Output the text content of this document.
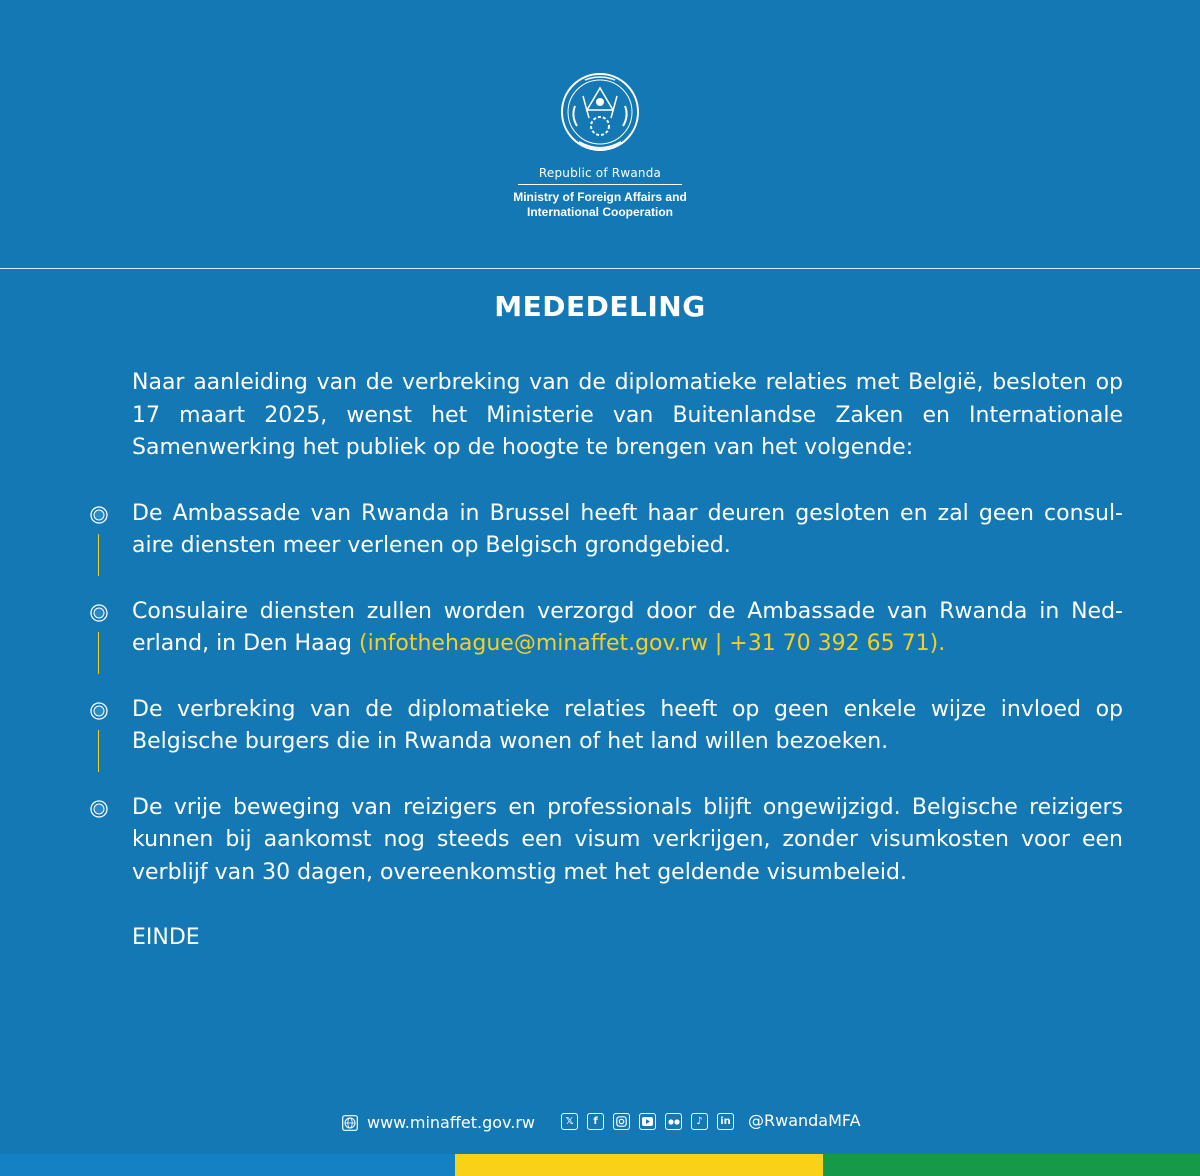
Republic of Rwanda
Ministry of Foreign Affairs and
International Cooperation
MEDEDELING

Naar aanleiding van de verbreking van de diplomatieke relaties met België, besloten op 17 maart 2025, wenst het Ministerie van Buitenlandse Zaken en Internationale Samenwerking het publiek op de hoogte te brengen van het volgende:

De Ambassade van Rwanda in Brussel heeft haar deuren gesloten en zal geen consul-aire diensten meer verlenen op Belgisch grondgebied.

Consulaire diensten zullen worden verzorgd door de Ambassade van Rwanda in Ned-erland, in Den Haag (infothehague@minaffet.gov.rw | +31 70 392 65 71).

De verbreking van de diplomatieke relaties heeft op geen enkele wijze invloed op Belgische burgers die in Rwanda wonen of het land willen bezoeken.

De vrije beweging van reizigers en professionals blijft ongewijzigd. Belgische reizigers kunnen bij aankomst nog steeds een visum verkrijgen, zonder visumkosten voor een verblijf van 30 dagen, overeenkomstig met het geldende visumbeleid.

EINDE

www.minaffet.gov.rw	𝕏	f	♪	in @RwandaMFA
